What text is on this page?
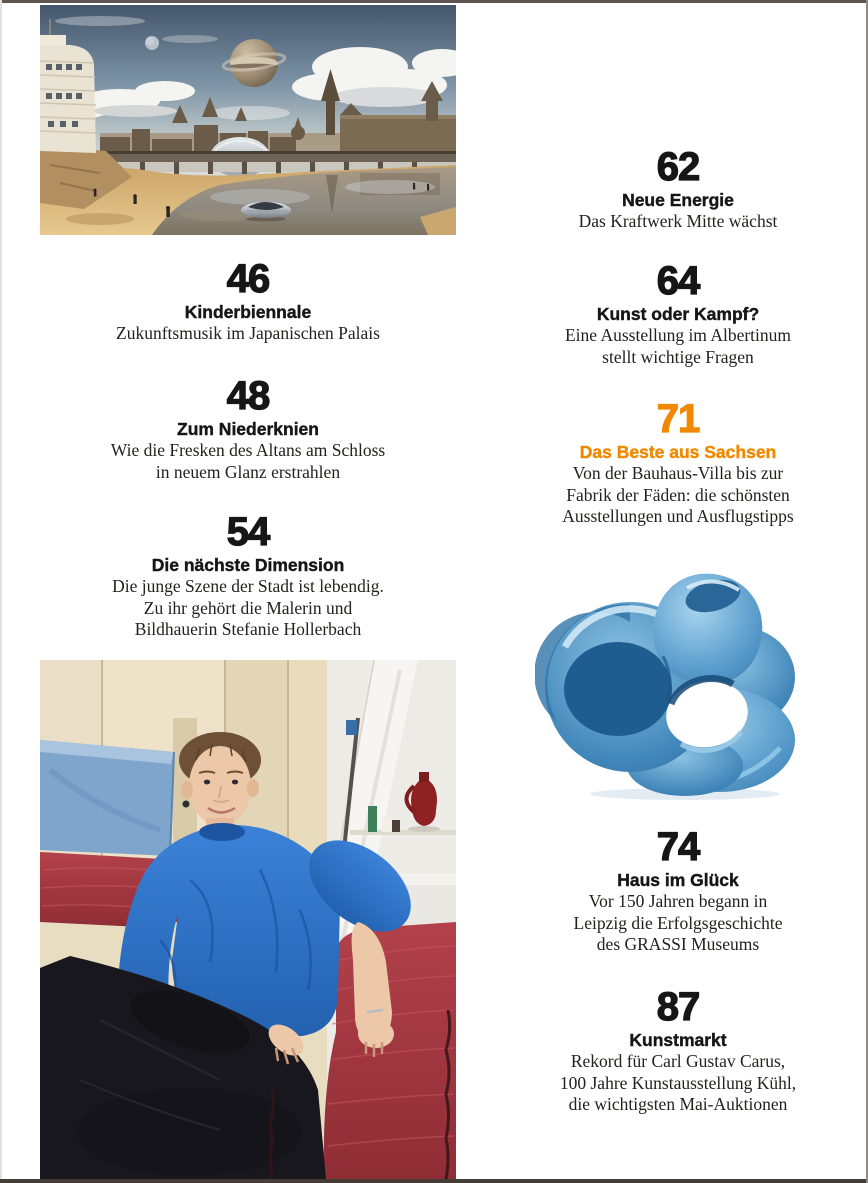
46
Kinderbiennale

Zukunftsmusik im Japanischen Palais

48
Zum Niederknien

Wie die Fresken des Altans am Schloss
in neuem Glanz erstrahlen

54
Die nächste Dimension

Die junge Szene der Stadt ist lebendig.
Zu ihr gehört die Malerin und
Bildhauerin Stefanie Hollerbach

62
Neue Energie

Das Kraftwerk Mitte wächst

64
Kunst oder Kampf?

Eine Ausstellung im Albertinum
stellt wichtige Fragen

71
Das Beste aus Sachsen

Von der Bauhaus-Villa bis zur
Fabrik der Fäden: die schönsten
Ausstellungen und Ausflugstipps

74
Haus im Glück

Vor 150 Jahren begann in
Leipzig die Erfolgsgeschichte
des GRASSI Museums

87
Kunstmarkt

Rekord für Carl Gustav Carus,
100 Jahre Kunstausstellung Kühl,
die wichtigsten Mai-Auktionen
